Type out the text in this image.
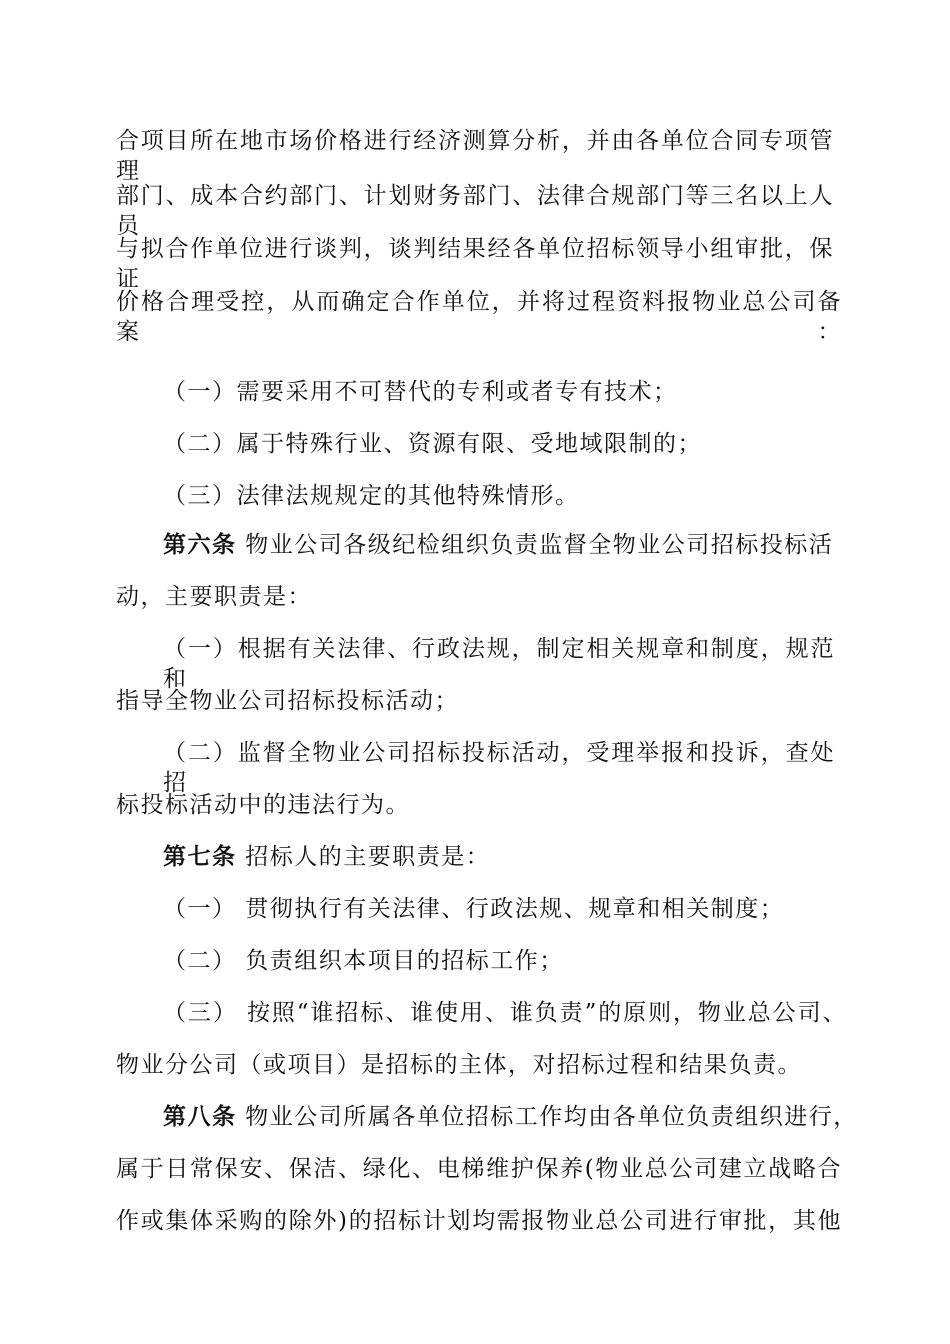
合项目所在地市场价格进行经济测算分析，并由各单位合同专项管理
部门、成本合约部门、计划财务部门、法律合规部门等三名以上人员
与拟合作单位进行谈判，谈判结果经各单位招标领导小组审批，保证
价格合理受控，从而确定合作单位，并将过程资料报物业总公司备案：
（一）需要采用不可替代的专利或者专有技术；
（二）属于特殊行业、资源有限、受地域限制的；
（三）法律法规规定的其他特殊情形。
第六条 物业公司各级纪检组织负责监督全物业公司招标投标活
动，主要职责是：
（一）根据有关法律、行政法规，制定相关规章和制度，规范和
指导全物业公司招标投标活动；
（二）监督全物业公司招标投标活动，受理举报和投诉，查处招
标投标活动中的违法行为。
第七条 招标人的主要职责是：
（一） 贯彻执行有关法律、行政法规、规章和相关制度；
（二） 负责组织本项目的招标工作；
（三） 按照“谁招标、谁使用、谁负责”的原则，物业总公司、
物业分公司（或项目）是招标的主体，对招标过程和结果负责。
第八条 物业公司所属各单位招标工作均由各单位负责组织进行，
属于日常保安、保洁、绿化、电梯维护保养(物业总公司建立战略合
作或集体采购的除外)的招标计划均需报物业总公司进行审批，其他
